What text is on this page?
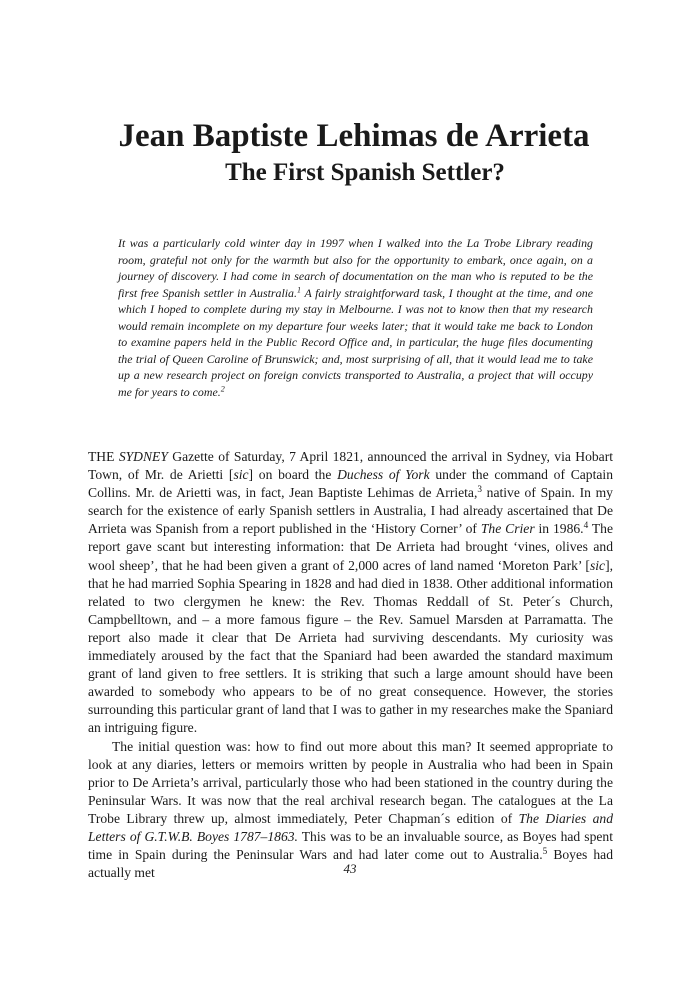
Jean Baptiste Lehimas de Arrieta
The First Spanish Settler?
It was a particularly cold winter day in 1997 when I walked into the La Trobe Library reading room, grateful not only for the warmth but also for the opportunity to embark, once again, on a journey of discovery. I had come in search of documentation on the man who is reputed to be the first free Spanish settler in Australia.$^1$ A fairly straightforward task, I thought at the time, and one which I hoped to complete during my stay in Melbourne. I was not to know then that my research would remain incomplete on my departure four weeks later; that it would take me back to London to examine papers held in the Public Record Office and, in particular, the huge files documenting the trial of Queen Caroline of Brunswick; and, most surprising of all, that it would lead me to take up a new research project on foreign convicts transported to Australia, a project that will occupy me for years to come.$^2$

THE SYDNEY Gazette of Saturday, 7 April 1821, announced the arrival in Sydney, via Hobart Town, of Mr. de Arietti [sic] on board the Duchess of York under the command of Captain Collins. Mr. de Arietti was, in fact, Jean Baptiste Lehimas de Arrieta,$^3$ native of Spain. In my search for the existence of early Spanish settlers in Australia, I had already ascertained that De Arrieta was Spanish from a report published in the ‘History Corner’ of The Crier in 1986.$^4$ The report gave scant but interesting information: that De Arrieta had brought ‘vines, olives and wool sheep’, that he had been given a grant of 2,000 acres of land named ‘Moreton Park’ [sic], that he had married Sophia Spearing in 1828 and had died in 1838. Other additional information related to two clergymen he knew: the Rev. Thomas Reddall of St. Peter´s Church, Campbelltown, and – a more famous figure – the Rev. Samuel Marsden at Parramatta. The report also made it clear that De Arrieta had surviving descendants. My curiosity was immediately aroused by the fact that the Spaniard had been awarded the standard maximum grant of land given to free settlers. It is striking that such a large amount should have been awarded to somebody who appears to be of no great consequence. However, the stories surrounding this particular grant of land that I was to gather in my researches make the Spaniard an intriguing figure.

The initial question was: how to find out more about this man? It seemed appropriate to look at any diaries, letters or memoirs written by people in Australia who had been in Spain prior to De Arrieta’s arrival, particularly those who had been stationed in the country during the Peninsular Wars. It was now that the real archival research began. The catalogues at the La Trobe Library threw up, almost immediately, Peter Chapman´s edition of The Diaries and Letters of G.T.W.B. Boyes 1787–1863. This was to be an invaluable source, as Boyes had spent time in Spain during the Peninsular Wars and had later come out to Australia.$^5$ Boyes had actually met	43
